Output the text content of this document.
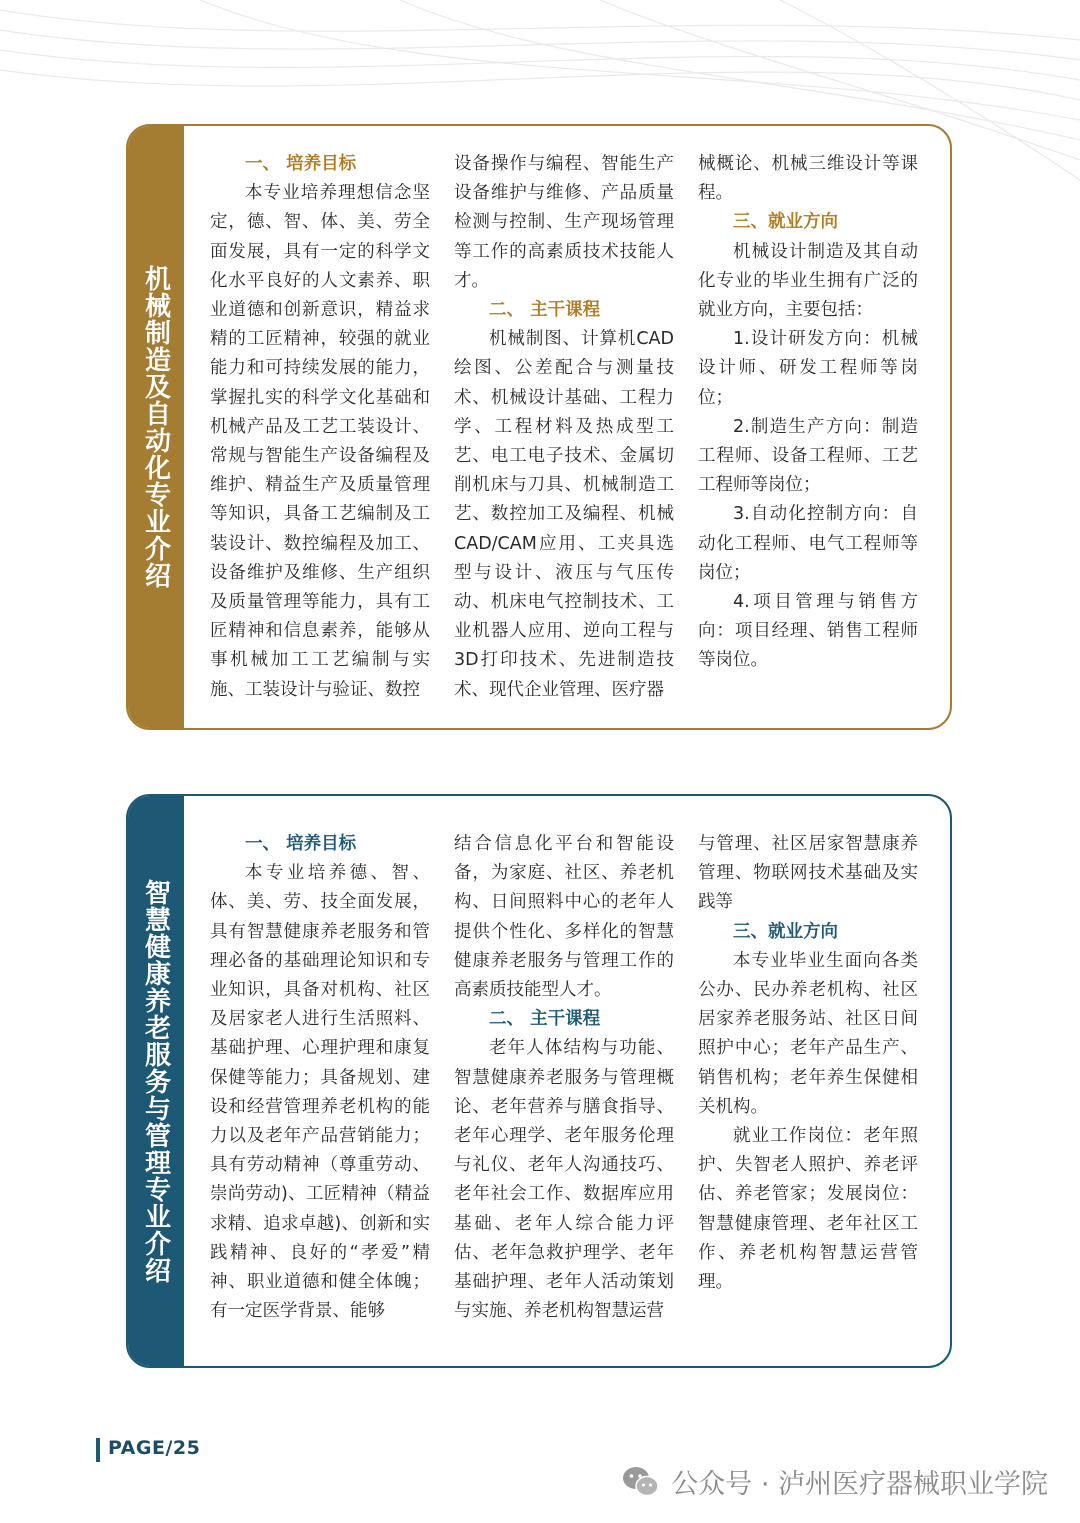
机械制造及自动化专业介绍

一、 培养目标

本专业培养理想信念坚定，德、智、体、美、劳全面发展，具有一定的科学文化水平良好的人文素养、职业道德和创新意识，精益求精的工匠精神，较强的就业能力和可持续发展的能力，掌握扎实的科学文化基础和机械产品及工艺工装设计、常规与智能生产设备编程及维护、精益生产及质量管理等知识，具备工艺编制及工装设计、数控编程及加工、设备维护及维修、生产组织及质量管理等能力，具有工匠精神和信息素养，能够从事机械加工工艺编制与实施、工装设计与验证、数控

设备操作与编程、智能生产设备维护与维修、产品质量检测与控制、生产现场管理等工作的高素质技术技能人才。

二、 主干课程

机械制图、计算机CAD绘图、公差配合与测量技术、机械设计基础、工程力学、工程材料及热成型工艺、电工电子技术、金属切削机床与刀具、机械制造工艺、数控加工及编程、机械CAD/CAM应用、工夹具选型与设计、液压与气压传动、机床电气控制技术、工业机器人应用、逆向工程与3D打印技术、先进制造技术、现代企业管理、医疗器

械概论、机械三维设计等课程。

三、就业方向

机械设计制造及其自动化专业的毕业生拥有广泛的就业方向，主要包括：

1.设计研发方向：机械设计师、研发工程师等岗位；

2.制造生产方向：制造工程师、设备工程师、工艺工程师等岗位；

3.自动化控制方向：自动化工程师、电气工程师等岗位；

4.项目管理与销售方向：项目经理、销售工程师等岗位。

智慧健康养老服务与管理专业介绍

一、 培养目标

本专业培养德、智、体、美、劳、技全面发展，具有智慧健康养老服务和管理必备的基础理论知识和专业知识，具备对机构、社区及居家老人进行生活照料、基础护理、心理护理和康复保健等能力；具备规划、建设和经营管理养老机构的能力以及老年产品营销能力；具有劳动精神（尊重劳动、崇尚劳动)、工匠精神（精益求精、追求卓越)、创新和实践精神、良好的“孝爱”精神、职业道德和健全体魄；有一定医学背景、能够

结合信息化平台和智能设备，为家庭、社区、养老机构、日间照料中心的老年人提供个性化、多样化的智慧健康养老服务与管理工作的高素质技能型人才。

二、 主干课程

老年人体结构与功能、智慧健康养老服务与管理概论、老年营养与膳食指导、老年心理学、老年服务伦理与礼仪、老年人沟通技巧、老年社会工作、数据库应用基础、老年人综合能力评估、老年急救护理学、老年基础护理、老年人活动策划与实施、养老机构智慧运营

与管理、社区居家智慧康养管理、物联网技术基础及实践等

三、就业方向

本专业毕业生面向各类公办、民办养老机构、社区居家养老服务站、社区日间照护中心；老年产品生产、销售机构；老年养生保健相关机构。

就业工作岗位：老年照护、失智老人照护、养老评估、养老管家；发展岗位：智慧健康管理、老年社区工作、养老机构智慧运营管理。

PAGE/25
公众号 · 泸州医疗器械职业学院
